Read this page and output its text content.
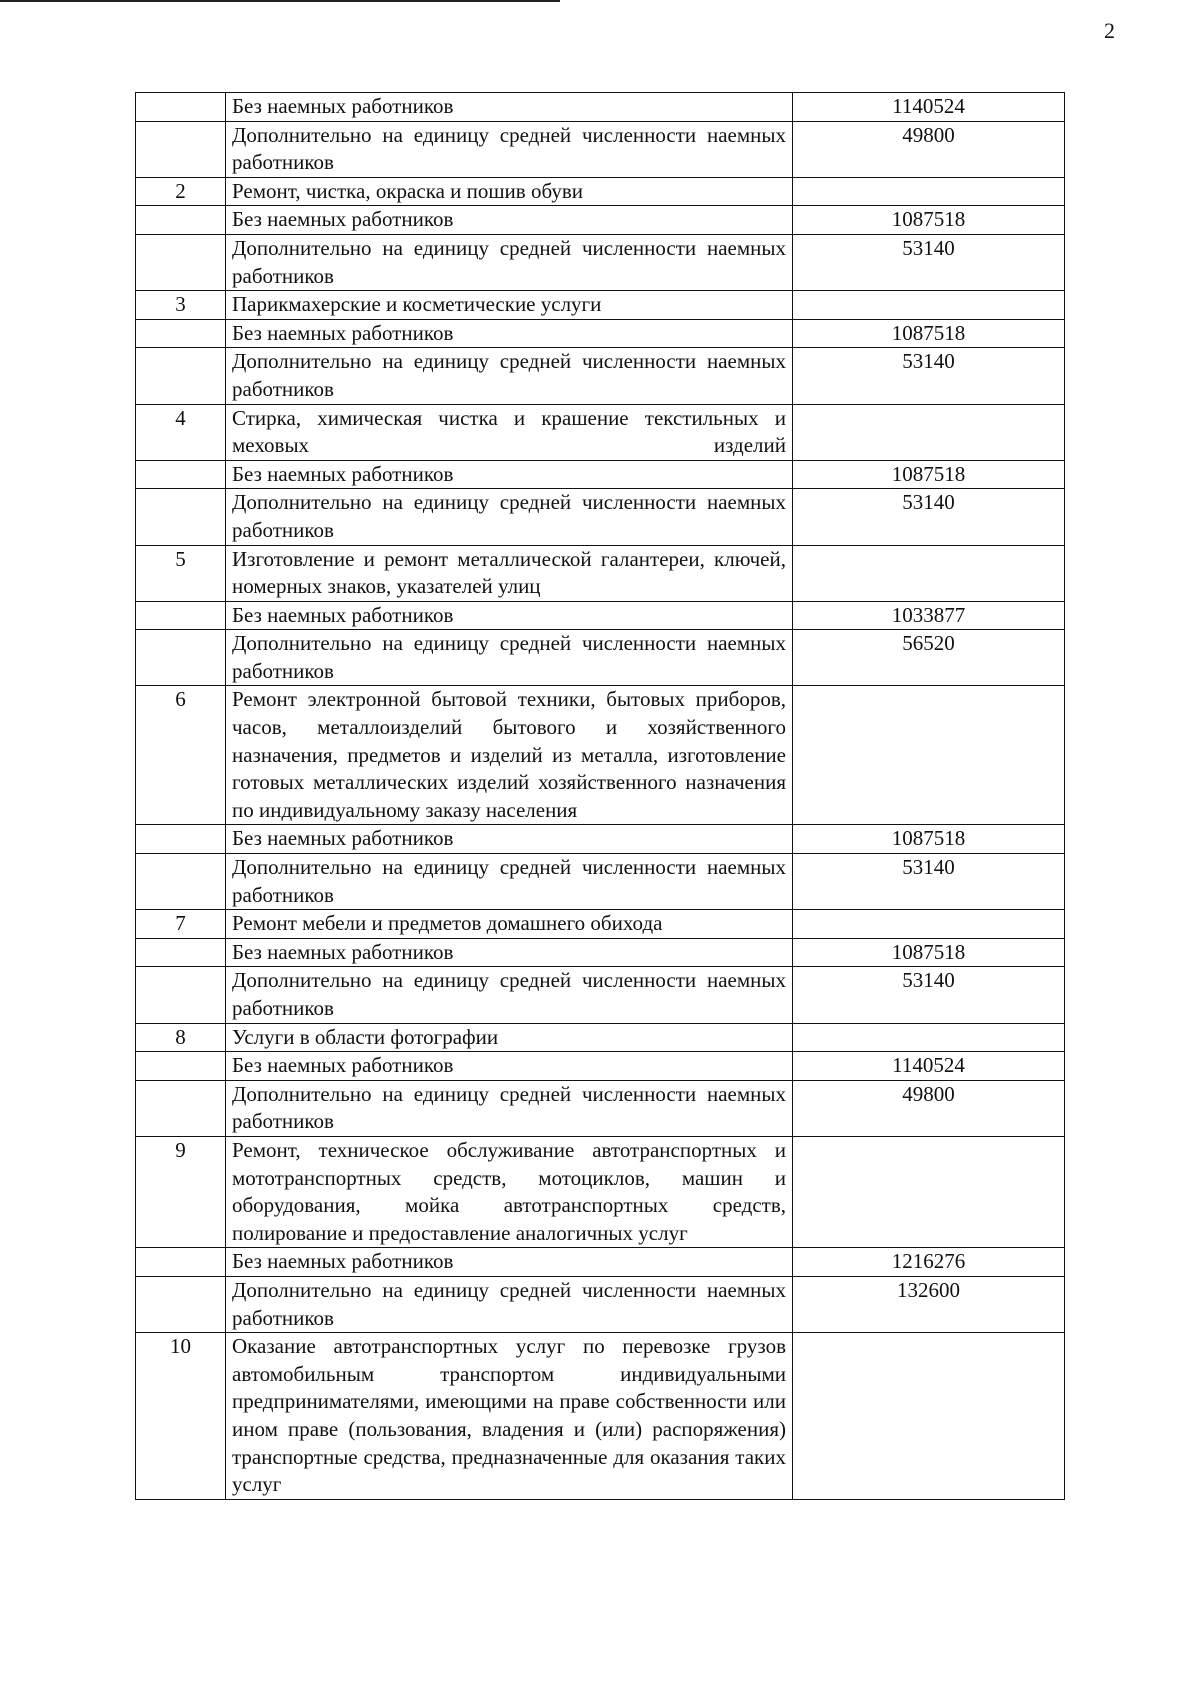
2
	Без наемных работников	1140524
	Дополнительно на единицу средней численности наемных работников	49800
2	Ремонт, чистка, окраска и пошив обуви	
	Без наемных работников	1087518
	Дополнительно на единицу средней численности наемных работников	53140
3	Парикмахерские и косметические услуги	
	Без наемных работников	1087518
	Дополнительно на единицу средней численности наемных работников	53140
4	Стирка, химическая чистка и крашение текстильных и меховых изделий	
	Без наемных работников	1087518
	Дополнительно на единицу средней численности наемных работников	53140
5	Изготовление и ремонт металлической галантереи, ключей, номерных знаков, указателей улиц	
	Без наемных работников	1033877
	Дополнительно на единицу средней численности наемных работников	56520
6	Ремонт электронной бытовой техники, бытовых приборов, часов, металлоизделий бытового и хозяйственного назначения, предметов и изделий из металла, изготовление готовых металлических изделий хозяйственного назначения по индивидуальному заказу населения	
	Без наемных работников	1087518
	Дополнительно на единицу средней численности наемных работников	53140
7	Ремонт мебели и предметов домашнего обихода	
	Без наемных работников	1087518
	Дополнительно на единицу средней численности наемных работников	53140
8	Услуги в области фотографии	
	Без наемных работников	1140524
	Дополнительно на единицу средней численности наемных работников	49800
9	Ремонт, техническое обслуживание автотранспортных и мототранспортных средств, мотоциклов, машин и оборудования, мойка автотранспортных средств, полирование и предоставление аналогичных услуг	
	Без наемных работников	1216276
	Дополнительно на единицу средней численности наемных работников	132600
10	Оказание автотранспортных услуг по перевозке грузов автомобильным транспортом индивидуальными предпринимателями, имеющими на праве собственности или ином праве (пользования, владения и (или) распоряжения) транспортные средства, предназначенные для оказания таких услуг	
